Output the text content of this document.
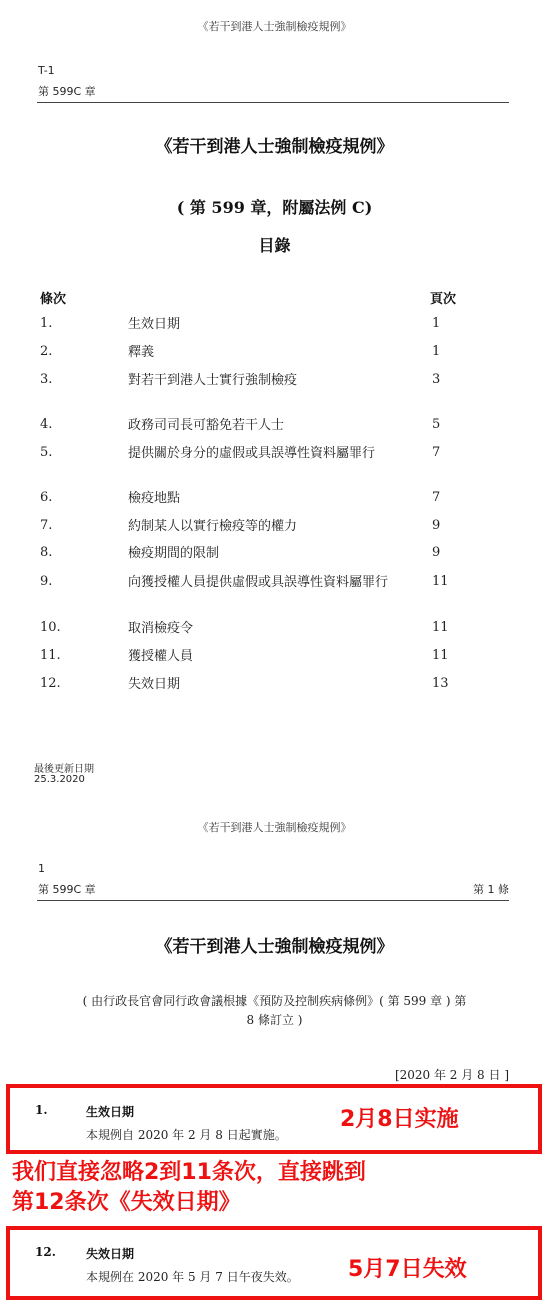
《若干到港人士強制檢疫規例》
T-1
第 599C 章
《若干到港人士強制檢疫規例》
( 第 599 章，附屬法例 C)
目錄
條次	頁次
1.	生效日期	1
2.	釋義	1
3.	對若干到港人士實行強制檢疫	3
4.	政務司司長可豁免若干人士	5
5.	提供關於身分的虛假或具誤導性資料屬罪行	7
6.	檢疫地點	7
7.	約制某人以實行檢疫等的權力	9
8.	檢疫期間的限制	9
9.	向獲授權人員提供虛假或具誤導性資料屬罪行	11
10.	取消檢疫令	11
11.	獲授權人員	11
12.	失效日期	13
最後更新日期
25.3.2020
《若干到港人士強制檢疫規例》
1
第 599C 章	第 1 條
《若干到港人士強制檢疫規例》
( 由行政長官會同行政會議根據《預防及控制疾病條例》( 第 599 章 ) 第
8 條訂立 )
[2020 年 2 月 8 日 ]
1.	生效日期
本規例自 2020 年 2 月 8 日起實施。
2月8日实施
我们直接忽略2到11条次，直接跳到
第12条次《失效日期》
12.	失效日期
本規例在 2020 年 5 月 7 日午夜失效。 5月7日失效
